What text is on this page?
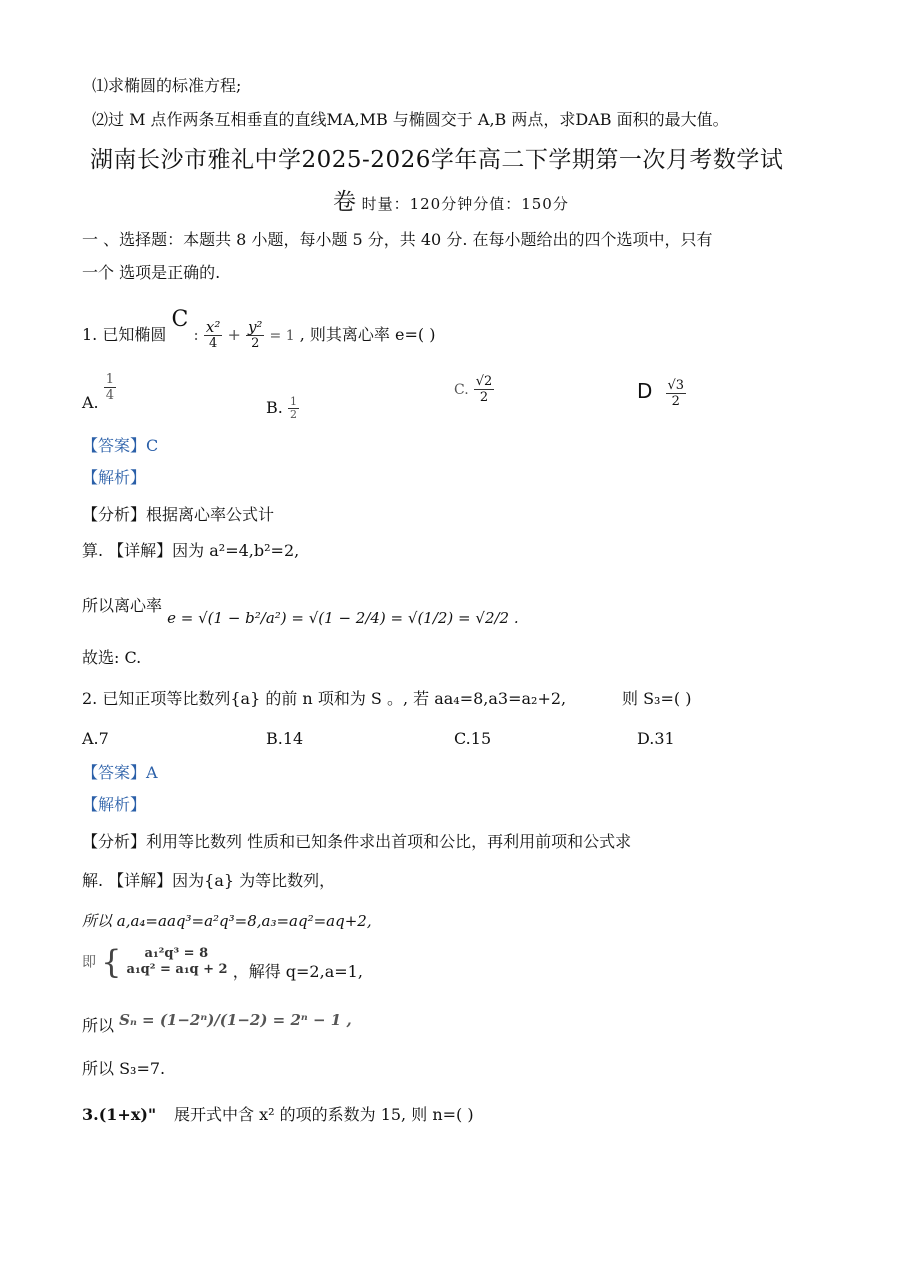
⑴求椭圆的标准方程;
⑵过 M 点作两条互相垂直的直线MA,MB 与椭圆交于 A,B 两点，求DAB 面积的最大值。
湖南长沙市雅礼中学2025-2026学年高二下学期第一次月考数学试
卷 时量：120分钟分值：150分
一 、选择题：本题共 8 小题，每小题 5 分，共 40 分. 在每小题给出的四个选项中，只有
一个 选项是正确的.
1. 已知椭圆 C : $\frac{\text{x²}}{4} + \frac{\text{y²}}{2} = 1$ , 则其离心率 e=( )
A. $\frac{1}{4}$
B. $\frac{1}{2}$
C. $\frac{√2}{2}$	D $\frac{√3}{2}$
【答案】C
【解析】
【分析】根据离心率公式计
算. 【详解】因为 a²=4,b²=2,
所以离心率 e = √(1 − b²/a²) = √(1 − 2/4) = √(1/2) = √2/2 .
故选: C.
2. 已知正项等比数列{a} 的前 n 项和为 S 。, 若 aa₄=8,a3=a₂+2,	则 S₃=( )
A.7	B.14	C.15	D.31
【答案】A
【解析】
【分析】利用等比数列 性质和已知条件求出首项和公比，再利用前项和公式求
解. 【详解】因为{a} 为等比数列，
所以 a,a₄=aaq³=a²q³=8,a₃=aq²=aq+2,
即 {	a₁²q³ = 8
a₁q² = a₁q + 2 ，解得 q=2,a=1,
所以 Sₙ = (1−2ⁿ)/(1−2) = 2ⁿ − 1 ,
所以 S₃=7.
3.(1+x)" 展开式中含 x² 的项的系数为 15, 则 n=( )
